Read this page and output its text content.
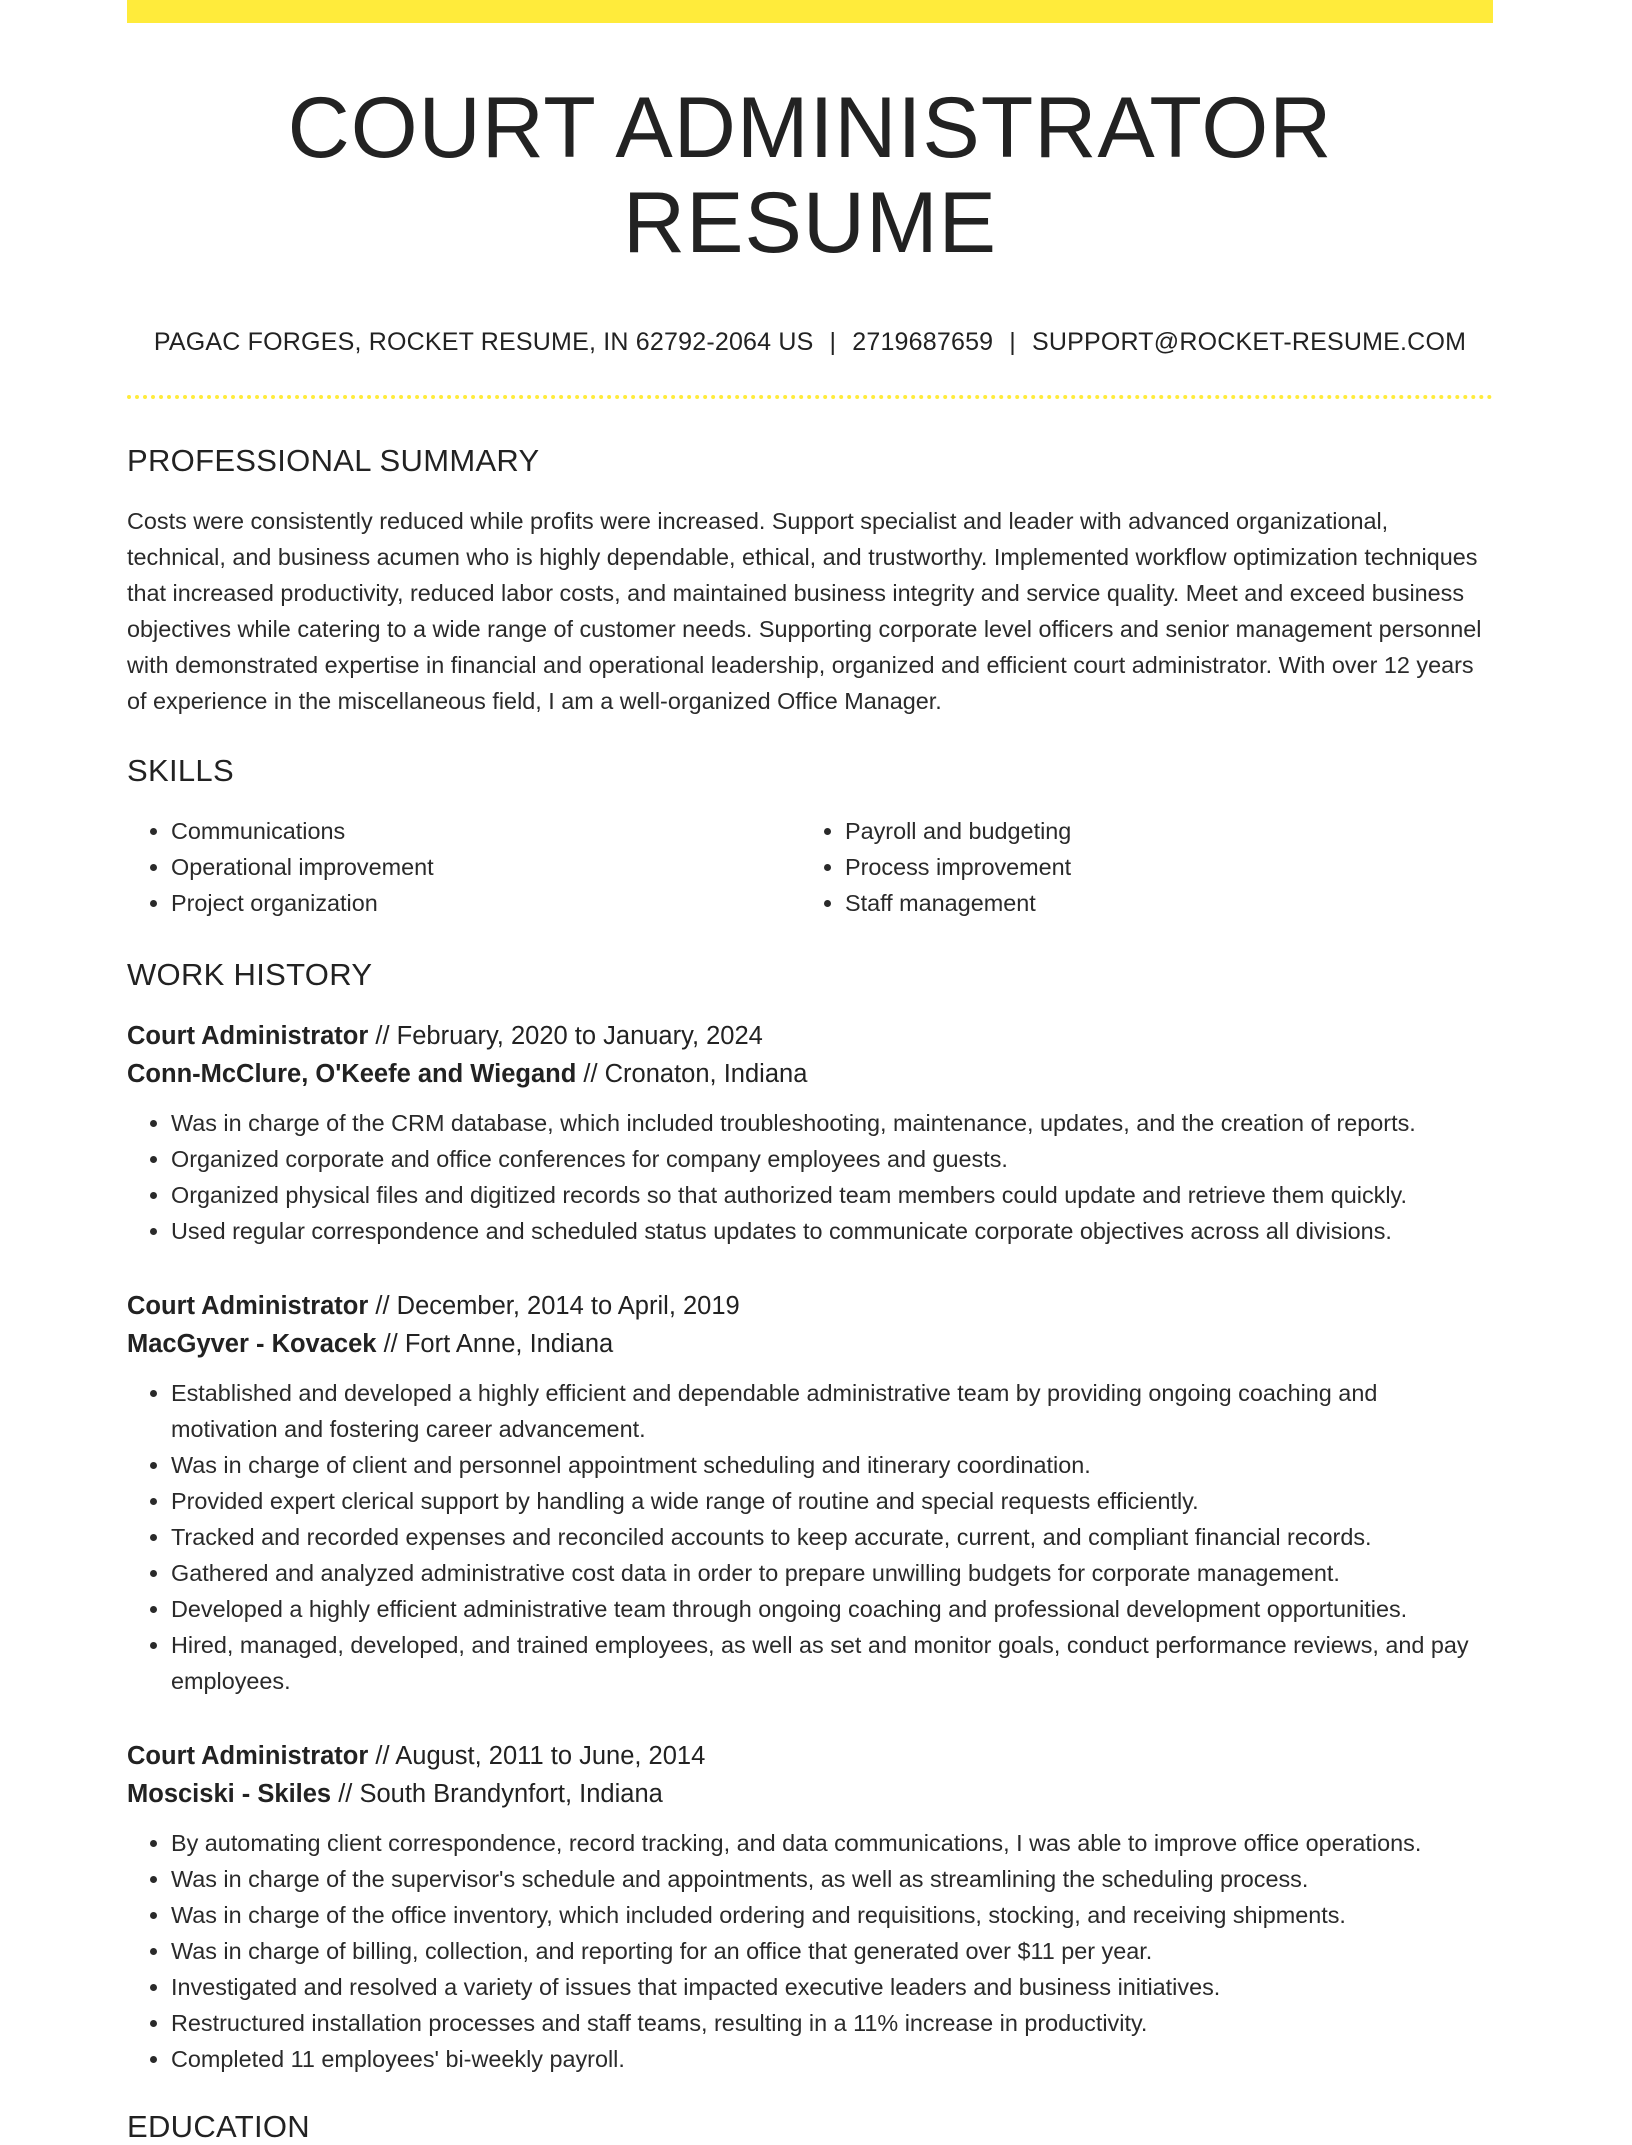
COURT ADMINISTRATOR RESUME
PAGAC FORGES, ROCKET RESUME, IN 62792-2064 US | 2719687659 | SUPPORT@ROCKET-RESUME.COM
PROFESSIONAL SUMMARY

Costs were consistently reduced while profits were increased. Support specialist and leader with advanced organizational, technical, and business acumen who is highly dependable, ethical, and trustworthy. Implemented workflow optimization techniques that increased productivity, reduced labor costs, and maintained business integrity and service quality. Meet and exceed business objectives while catering to a wide range of customer needs. Supporting corporate level officers and senior management personnel with demonstrated expertise in financial and operational leadership, organized and efficient court administrator. With over 12 years of experience in the miscellaneous field, I am a well-organized Office Manager.

SKILLS
• Communications
• Operational improvement
• Project organization
• Payroll and budgeting
• Process improvement
• Staff management
WORK HISTORY
Court Administrator // February, 2020 to January, 2024
Conn-McClure, O'Keefe and Wiegand // Cronaton, Indiana
• Was in charge of the CRM database, which included troubleshooting, maintenance, updates, and the creation of reports.
• Organized corporate and office conferences for company employees and guests.
• Organized physical files and digitized records so that authorized team members could update and retrieve them quickly.
• Used regular correspondence and scheduled status updates to communicate corporate objectives across all divisions.
Court Administrator // December, 2014 to April, 2019
MacGyver - Kovacek // Fort Anne, Indiana
• Established and developed a highly efficient and dependable administrative team by providing ongoing coaching and motivation and fostering career advancement.
• Was in charge of client and personnel appointment scheduling and itinerary coordination.
• Provided expert clerical support by handling a wide range of routine and special requests efficiently.
• Tracked and recorded expenses and reconciled accounts to keep accurate, current, and compliant financial records.
• Gathered and analyzed administrative cost data in order to prepare unwilling budgets for corporate management.
• Developed a highly efficient administrative team through ongoing coaching and professional development opportunities.
• Hired, managed, developed, and trained employees, as well as set and monitor goals, conduct performance reviews, and pay employees.
Court Administrator // August, 2011 to June, 2014
Mosciski - Skiles // South Brandynfort, Indiana
• By automating client correspondence, record tracking, and data communications, I was able to improve office operations.
• Was in charge of the supervisor's schedule and appointments, as well as streamlining the scheduling process.
• Was in charge of the office inventory, which included ordering and requisitions, stocking, and receiving shipments.
• Was in charge of billing, collection, and reporting for an office that generated over $11 per year.
• Investigated and resolved a variety of issues that impacted executive leaders and business initiatives.
• Restructured installation processes and staff teams, resulting in a 11% increase in productivity.
• Completed 11 employees' bi-weekly payroll.
EDUCATION
